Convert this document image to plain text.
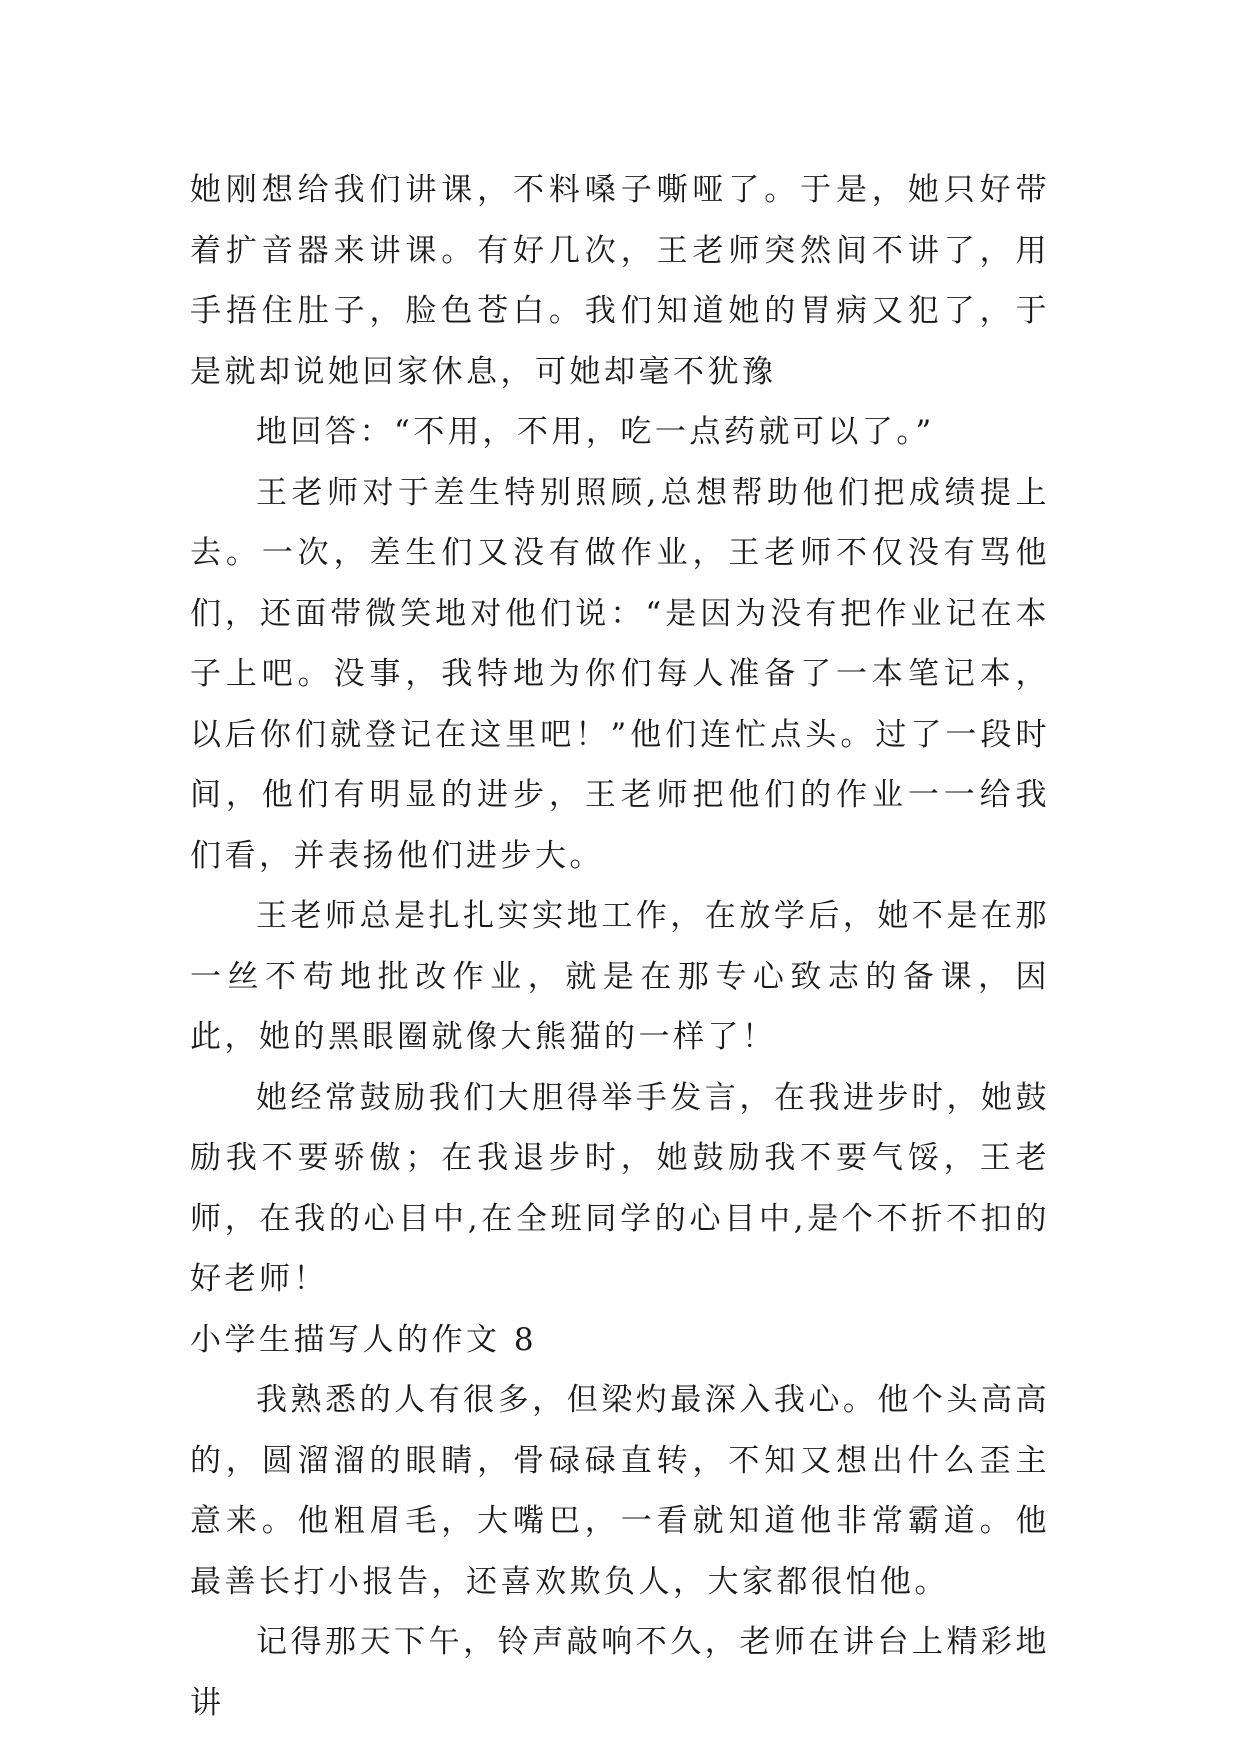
她刚想给我们讲课，不料嗓子嘶哑了。于是，她只好带着扩音器来讲课。有好几次，王老师突然间不讲了，用手捂住肚子，脸色苍白。我们知道她的胃病又犯了，于是就却说她回家休息，可她却毫不犹豫

地回答：“不用，不用，吃一点药就可以了。”

王老师对于差生特别照顾,总想帮助他们把成绩提上去。一次，差生们又没有做作业，王老师不仅没有骂他们，还面带微笑地对他们说：“是因为没有把作业记在本子上吧。没事，我特地为你们每人准备了一本笔记本，以后你们就登记在这里吧！”他们连忙点头。过了一段时间，他们有明显的进步，王老师把他们的作业一一给我们看，并表扬他们进步大。

王老师总是扎扎实实地工作，在放学后，她不是在那一丝不苟地批改作业，就是在那专心致志的备课，因此，她的黑眼圈就像大熊猫的一样了！

她经常鼓励我们大胆得举手发言，在我进步时，她鼓励我不要骄傲；在我退步时，她鼓励我不要气馁，王老师，在我的心目中,在全班同学的心目中,是个不折不扣的好老师！

小学生描写人的作文 8

我熟悉的人有很多，但梁灼最深入我心。他个头高高的，圆溜溜的眼睛，骨碌碌直转，不知又想出什么歪主意来。他粗眉毛，大嘴巴，一看就知道他非常霸道。他最善长打小报告，还喜欢欺负人，大家都很怕他。

记得那天下午，铃声敲响不久，老师在讲台上精彩地讲
